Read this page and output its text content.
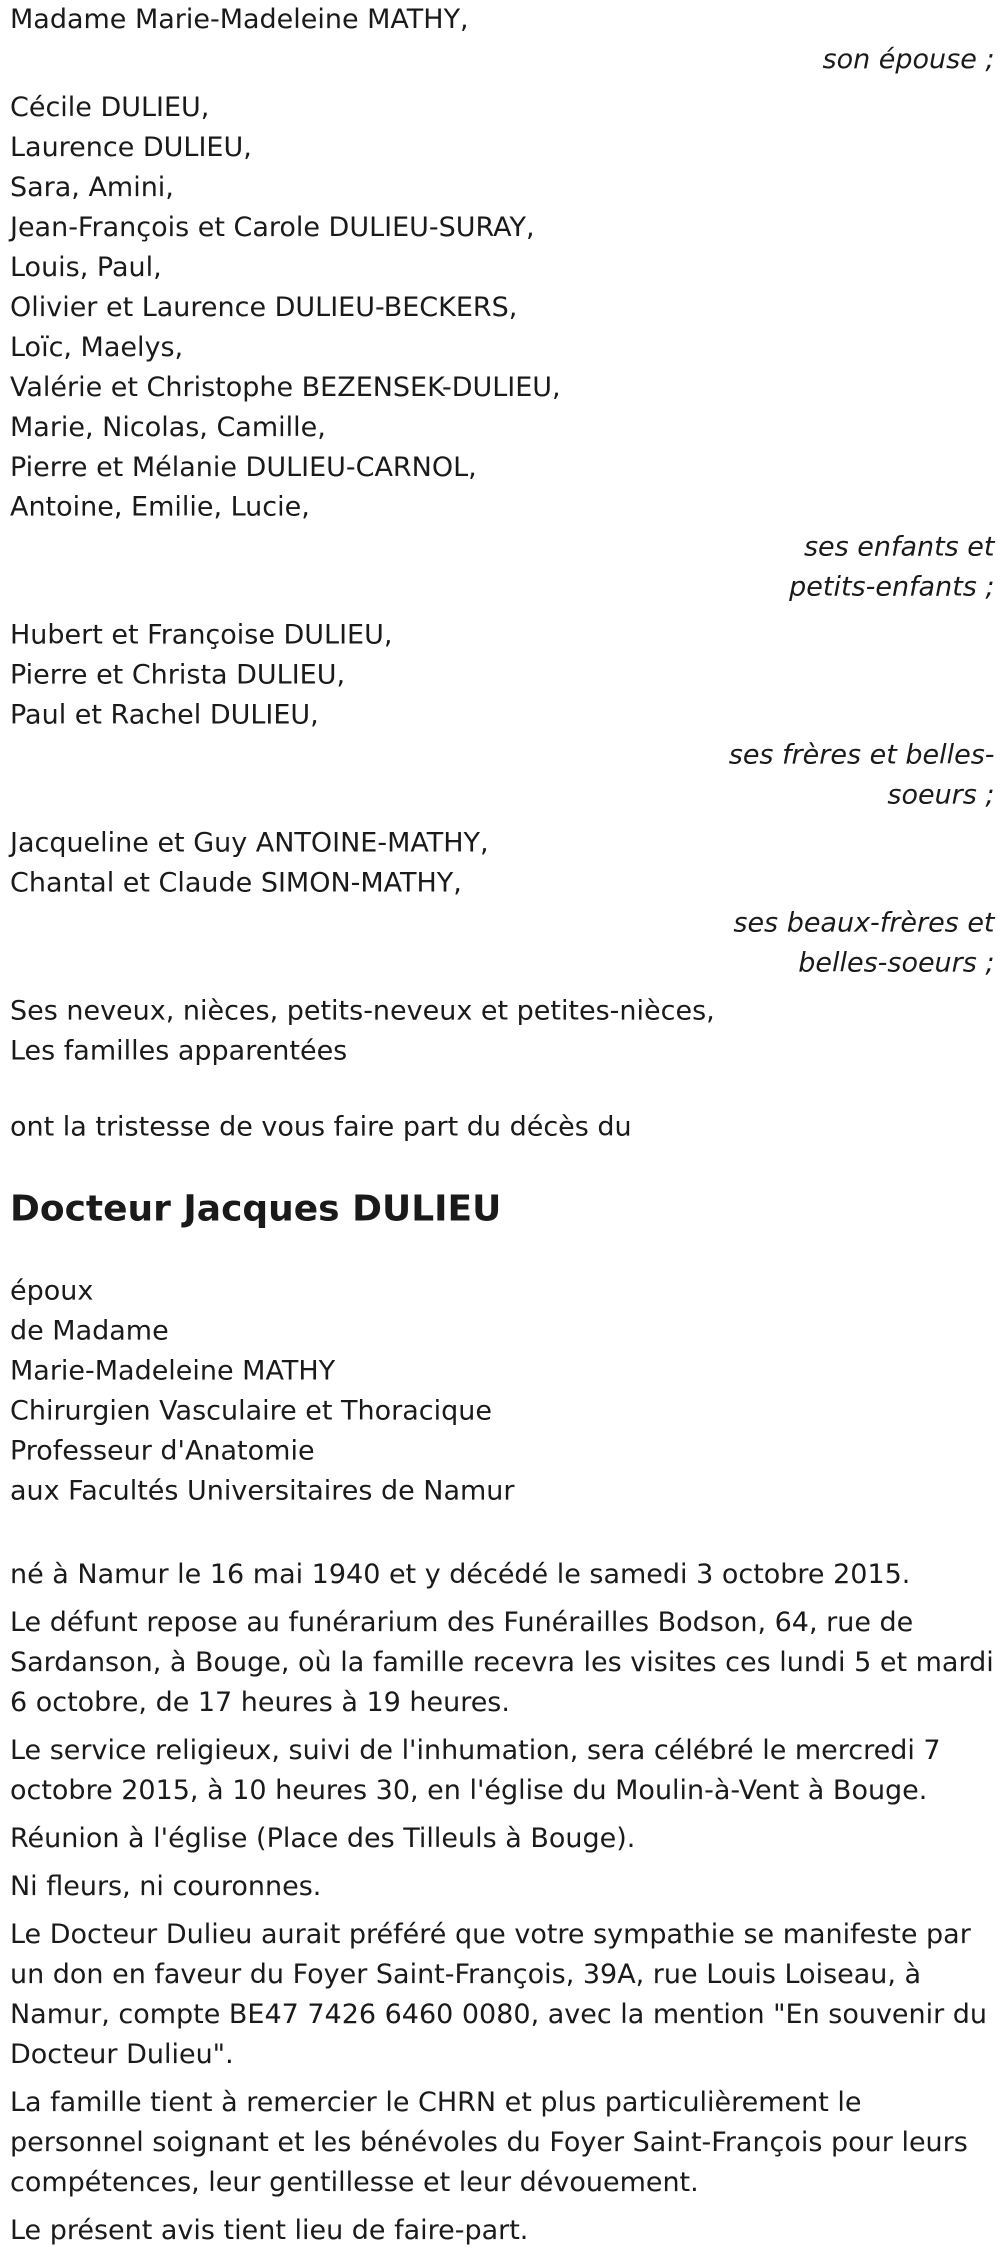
Madame Marie-Madeleine MATHY,
son épouse ;
Cécile DULIEU,
Laurence DULIEU,
Sara, Amini,
Jean-François et Carole DULIEU-SURAY,
Louis, Paul,
Olivier et Laurence DULIEU-BECKERS,
Loïc, Maelys,
Valérie et Christophe BEZENSEK-DULIEU,
Marie, Nicolas, Camille,
Pierre et Mélanie DULIEU-CARNOL,
Antoine, Emilie, Lucie,
ses enfants et
petits-enfants ;
Hubert et Françoise DULIEU,
Pierre et Christa DULIEU,
Paul et Rachel DULIEU,
ses frères et belles-
soeurs ;
Jacqueline et Guy ANTOINE-MATHY,
Chantal et Claude SIMON-MATHY,
ses beaux-frères et
belles-soeurs ;
Ses neveux, nièces, petits-neveux et petites-nièces,
Les familles apparentées
ont la tristesse de vous faire part du décès du
Docteur Jacques DULIEU
époux
de Madame
Marie-Madeleine MATHY
Chirurgien Vasculaire et Thoracique
Professeur d'Anatomie
aux Facultés Universitaires de Namur
né à Namur le 16 mai 1940 et y décédé le samedi 3 octobre 2015.
Le défunt repose au funérarium des Funérailles Bodson, 64, rue de
Sardanson, à Bouge, où la famille recevra les visites ces lundi 5 et mardi
6 octobre, de 17 heures à 19 heures.
Le service religieux, suivi de l'inhumation, sera célébré le mercredi 7
octobre 2015, à 10 heures 30, en l'église du Moulin-à-Vent à Bouge.
Réunion à l'église (Place des Tilleuls à Bouge).
Ni fleurs, ni couronnes.
Le Docteur Dulieu aurait préféré que votre sympathie se manifeste par
un don en faveur du Foyer Saint-François, 39A, rue Louis Loiseau, à
Namur, compte BE47 7426 6460 0080, avec la mention "En souvenir du
Docteur Dulieu".
La famille tient à remercier le CHRN et plus particulièrement le
personnel soignant et les bénévoles du Foyer Saint-François pour leurs
compétences, leur gentillesse et leur dévouement.
Le présent avis tient lieu de faire-part.
